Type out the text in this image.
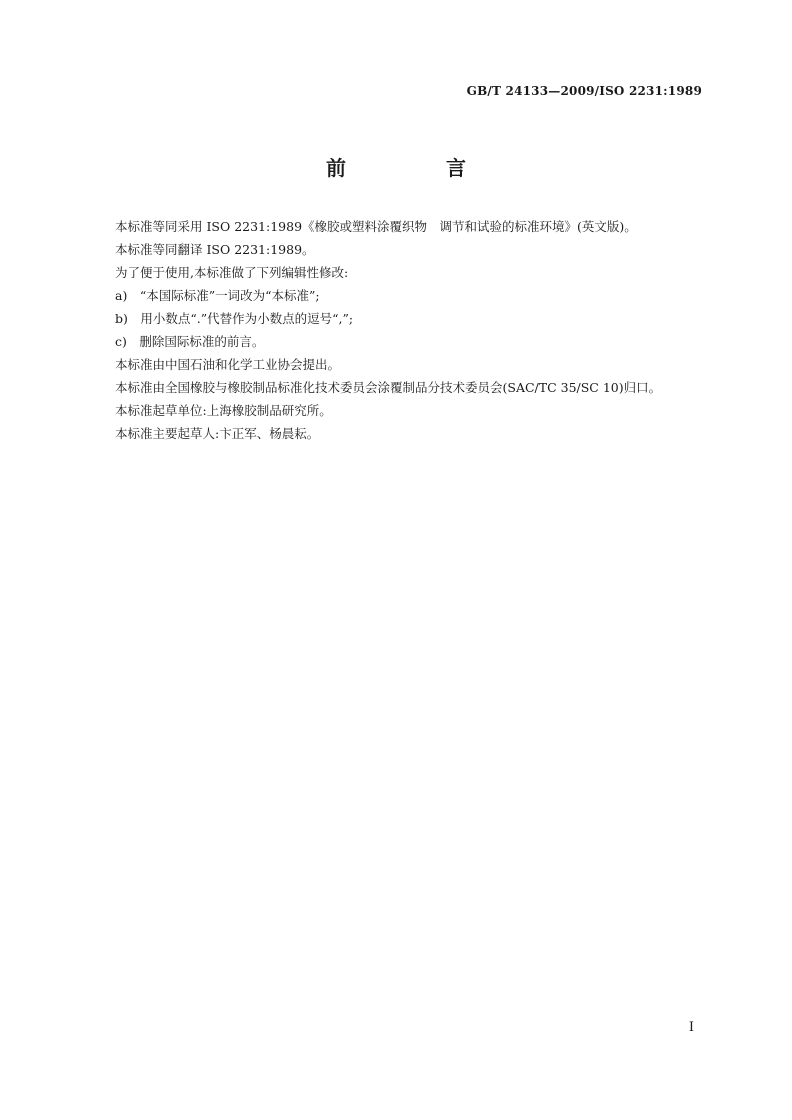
GB/T 24133—2009/ISO 2231:1989
前　言

本标准等同采用 ISO 2231:1989《橡胶或塑料涂覆织物　调节和试验的标准环境》(英文版)。

本标准等同翻译 ISO 2231:1989。

为了便于使用,本标准做了下列编辑性修改:

a)　“本国际标准”一词改为“本标准”;

b)　用小数点“.”代替作为小数点的逗号“,”;

c)　删除国际标准的前言。

本标准由中国石油和化学工业协会提出。

本标准由全国橡胶与橡胶制品标准化技术委员会涂覆制品分技术委员会(SAC/TC 35/SC 10)归口。

本标准起草单位:上海橡胶制品研究所。

本标准主要起草人:卞正军、杨晨耘。

I
